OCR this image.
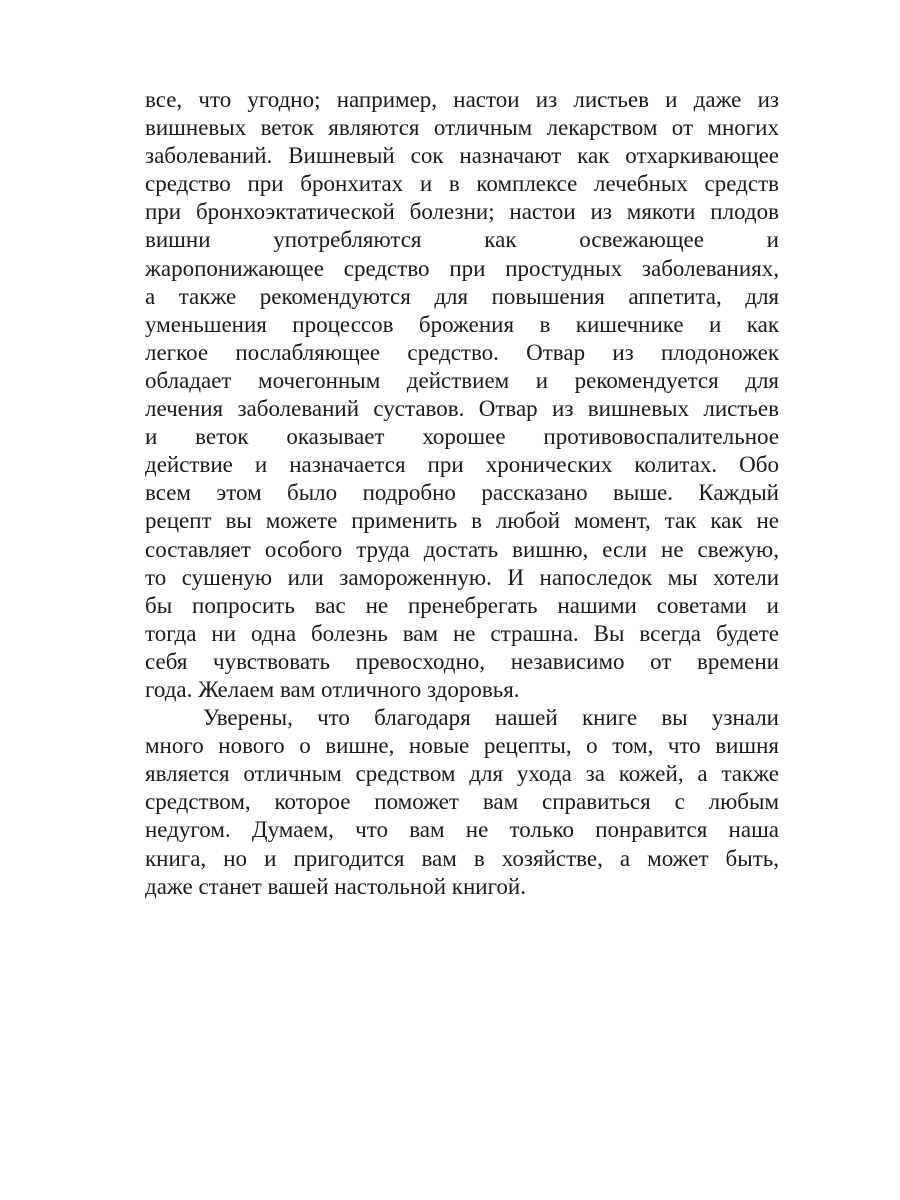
все, что угодно; например, настои из листьев и даже из
вишневых веток являются отличным лекарством от многих
заболеваний. Вишневый сок назначают как отхаркивающее
средство при бронхитах и в комплексе лечебных средств
при бронхоэктатической болезни; настои из мякоти плодов
вишни употребляются как освежающее и
жаропонижающее средство при простудных заболеваниях,
а также рекомендуются для повышения аппетита, для
уменьшения процессов брожения в кишечнике и как
легкое послабляющее средство. Отвар из плодоножек
обладает мочегонным действием и рекомендуется для
лечения заболеваний суставов. Отвар из вишневых листьев
и веток оказывает хорошее противовоспалительное
действие и назначается при хронических колитах. Обо
всем этом было подробно рассказано выше. Каждый
рецепт вы можете применить в любой момент, так как не
составляет особого труда достать вишню, если не свежую,
то сушеную или замороженную. И напоследок мы хотели
бы попросить вас не пренебрегать нашими советами и
тогда ни одна болезнь вам не страшна. Вы всегда будете
себя чувствовать превосходно, независимо от времени
года. Желаем вам отличного здоровья.
Уверены, что благодаря нашей книге вы узнали
много нового о вишне, новые рецепты, о том, что вишня
является отличным средством для ухода за кожей, а также
средством, которое поможет вам справиться с любым
недугом. Думаем, что вам не только понравится наша
книга, но и пригодится вам в хозяйстве, а может быть,
даже станет вашей настольной книгой.
